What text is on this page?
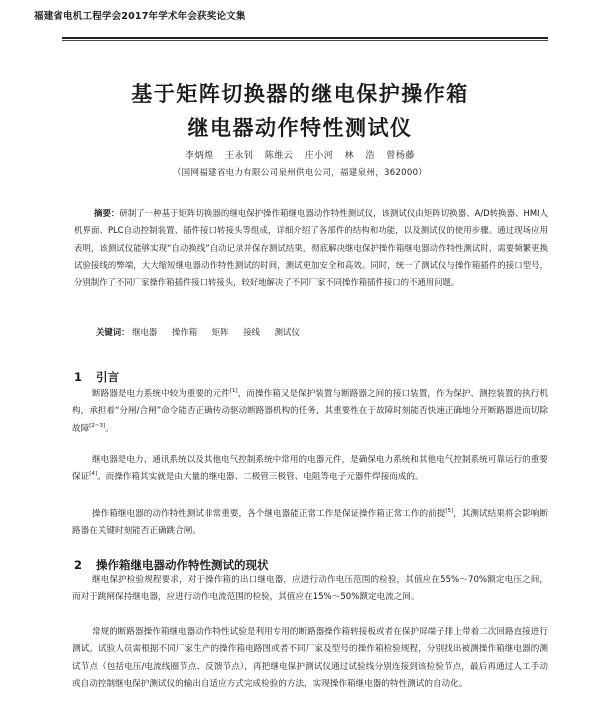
福建省电机工程学会2017年学术年会获奖论文集
基于矩阵切换器的继电保护操作箱
继电器动作特性测试仪
李炳煌 王永钊 陈维云 庄小河 林 浩 曾杨藤
（国网福建省电力有限公司泉州供电公司，福建泉州，362000）
摘要：研制了一种基于矩阵切换器的继电保护操作箱继电器动作特性测试仪，该测试仪由矩阵切换器、A/D转换器、HMI人机界面、PLC自动控制装置、插件接口转接头等组成，详细介绍了各部件的结构和功能，以及测试仪的使用步骤。通过现场应用表明，该测试仪能够实现“自动换线”自动记录并保存测试结果，彻底解决继电保护操作箱继电器动作特性测试时，需要频繁更换试验接线的弊端，大大缩短继电器动作特性测试的时间，测试更加安全和高效。同时，统一了测试仪与操作箱插件的接口型号，分别制作了不同厂家操作箱插件接口转接头，较好地解决了不同厂家不同操作箱插件接口的不通用问题。
关键词： 继电器 操作箱 矩阵 接线 测试仪
1 引言
断路器是电力系统中较为重要的元件[1]，而操作箱又是保护装置与断路器之间的接口装置，作为保护、测控装置的执行机构，承担着“分闸/合闸”命令能否正确传动驱动断路器机构的任务，其重要性在于故障时刻能否快速正确地分开断路器进而切除故障[2~3]。
继电器是电力、通讯系统以及其他电气控制系统中常用的电器元件，是确保电力系统和其他电气控制系统可靠运行的重要保证[4]。而操作箱其实就是由大量的继电器、二极管三极管、电阻等电子元器件焊接而成的。
操作箱继电器的动作特性测试非常重要，各个继电器能正常工作是保证操作箱正常工作的前提[5]，其测试结果将会影响断路器在关键时刻能否正确跳合闸。
2 操作箱继电器动作特性测试的现状
继电保护检验规程要求，对于操作箱的出口继电器，应进行动作电压范围的检验，其值应在55%～70%额定电压之间，而对于跳闸保持继电器，应进行动作电流范围的检验，其值应在15%～50%额定电流之间。
常规的断路器操作箱继电器动作特性试验是利用专用的断路器操作箱转接板或者在保护屏端子排上带着二次回路直接进行测试。试验人员需根据不同厂家生产的操作箱电路图或者不同厂家及型号的操作箱检验规程，分别找出被测操作箱继电器的测试节点（包括电压/电流线圈节点、反馈节点），再把继电保护测试仪通过试验线分别连接到该检验节点，最后再通过人工手动或自动控制继电保护测试仪的输出自适应方式完成检验的方法，实现操作箱继电器的特性测试的自动化。
